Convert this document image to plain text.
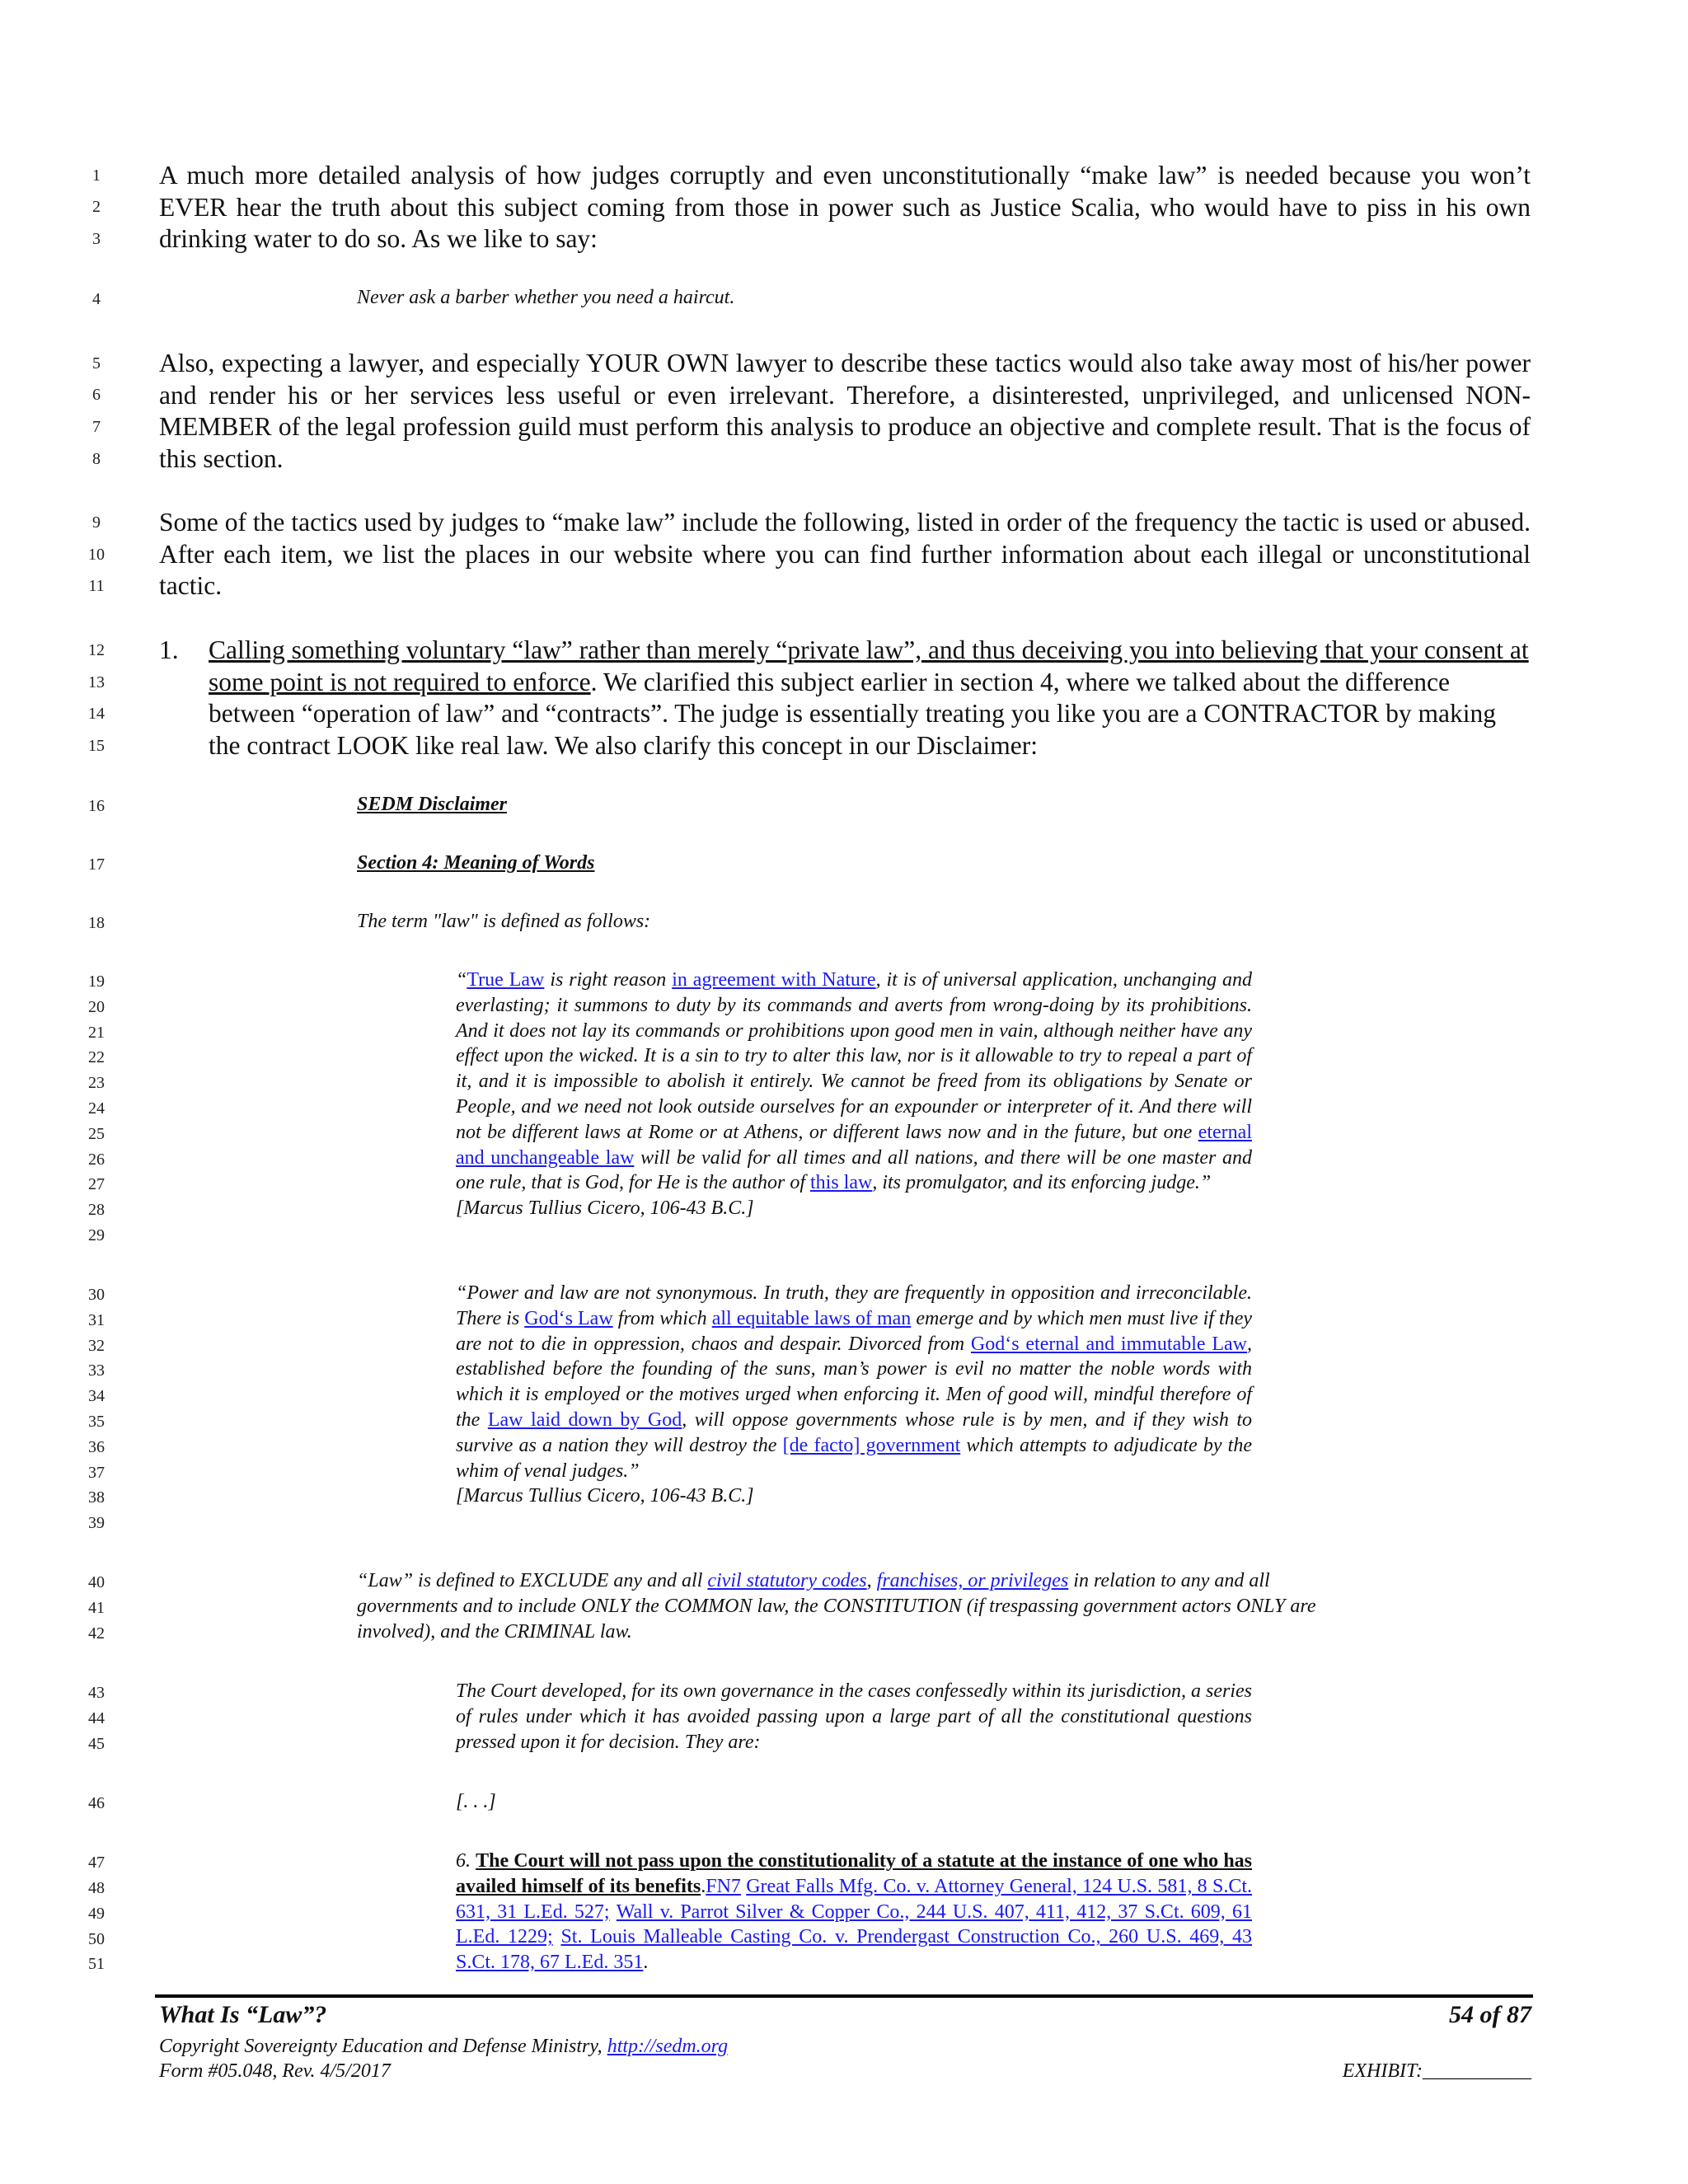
1
2
3
4
5
6
7
8
9
10
11
12
13
14
15
16
17
18
19
20
21
22
23
24
25
26
27
28
29
30
31
32
33
34
35
36
37
38
39
40
41
42
43
44
45
46
47
48
49
50
51
A much more detailed analysis of how judges corruptly and even unconstitutionally “make law” is needed because you won’t EVER hear the truth about this subject coming from those in power such as Justice Scalia, who would have to piss in his own drinking water to do so. As we like to say:
Never ask a barber whether you need a haircut.
Also, expecting a lawyer, and especially YOUR OWN lawyer to describe these tactics would also take away most of his/her power and render his or her services less useful or even irrelevant. Therefore, a disinterested, unprivileged, and unlicensed NON-MEMBER of the legal profession guild must perform this analysis to produce an objective and complete result. That is the focus of this section.
Some of the tactics used by judges to “make law” include the following, listed in order of the frequency the tactic is used or abused. After each item, we list the places in our website where you can find further information about each illegal or unconstitutional tactic.
1. Calling something voluntary “law” rather than merely “private law”, and thus deceiving you into believing that your consent at some point is not required to enforce. We clarified this subject earlier in section 4, where we talked about the difference between “operation of law” and “contracts”. The judge is essentially treating you like you are a CONTRACTOR by making the contract LOOK like real law. We also clarify this concept in our Disclaimer:
SEDM Disclaimer
Section 4: Meaning of Words
The term "law" is defined as follows:
“True Law is right reason in agreement with Nature, it is of universal application, unchanging and everlasting; it summons to duty by its commands and averts from wrong-doing by its prohibitions. And it does not lay its commands or prohibitions upon good men in vain, although neither have any effect upon the wicked. It is a sin to try to alter this law, nor is it allowable to try to repeal a part of it, and it is impossible to abolish it entirely. We cannot be freed from its obligations by Senate or People, and we need not look outside ourselves for an expounder or interpreter of it. And there will not be different laws at Rome or at Athens, or different laws now and in the future, but one eternal and unchangeable law will be valid for all times and all nations, and there will be one master and one rule, that is God, for He is the author of this law, its promulgator, and its enforcing judge.”
[Marcus Tullius Cicero, 106-43 B.C.]
“Power and law are not synonymous. In truth, they are frequently in opposition and irreconcilable. There is God‘s Law from which all equitable laws of man emerge and by which men must live if they are not to die in oppression, chaos and despair. Divorced from God‘s eternal and immutable Law, established before the founding of the suns, man’s power is evil no matter the noble words with which it is employed or the motives urged when enforcing it. Men of good will, mindful therefore of the Law laid down by God, will oppose governments whose rule is by men, and if they wish to survive as a nation they will destroy the [de facto] government which attempts to adjudicate by the whim of venal judges.”
[Marcus Tullius Cicero, 106-43 B.C.]
“Law” is defined to EXCLUDE any and all civil statutory codes, franchises, or privileges in relation to any and all governments and to include ONLY the COMMON law, the CONSTITUTION (if trespassing government actors ONLY are involved), and the CRIMINAL law.
The Court developed, for its own governance in the cases confessedly within its jurisdiction, a series of rules under which it has avoided passing upon a large part of all the constitutional questions pressed upon it for decision. They are:
[. . .]
6. The Court will not pass upon the constitutionality of a statute at the instance of one who has availed himself of its benefits.FN7 Great Falls Mfg. Co. v. Attorney General, 124 U.S. 581, 8 S.Ct. 631, 31 L.Ed. 527; Wall v. Parrot Silver & Copper Co., 244 U.S. 407, 411, 412, 37 S.Ct. 609, 61 L.Ed. 1229; St. Louis Malleable Casting Co. v. Prendergast Construction Co., 260 U.S. 469, 43 S.Ct. 178, 67 L.Ed. 351.
What Is “Law”?	54 of 87
Copyright Sovereignty Education and Defense Ministry, http://sedm.org
Form #05.048, Rev. 4/5/2017	EXHIBIT:___________
